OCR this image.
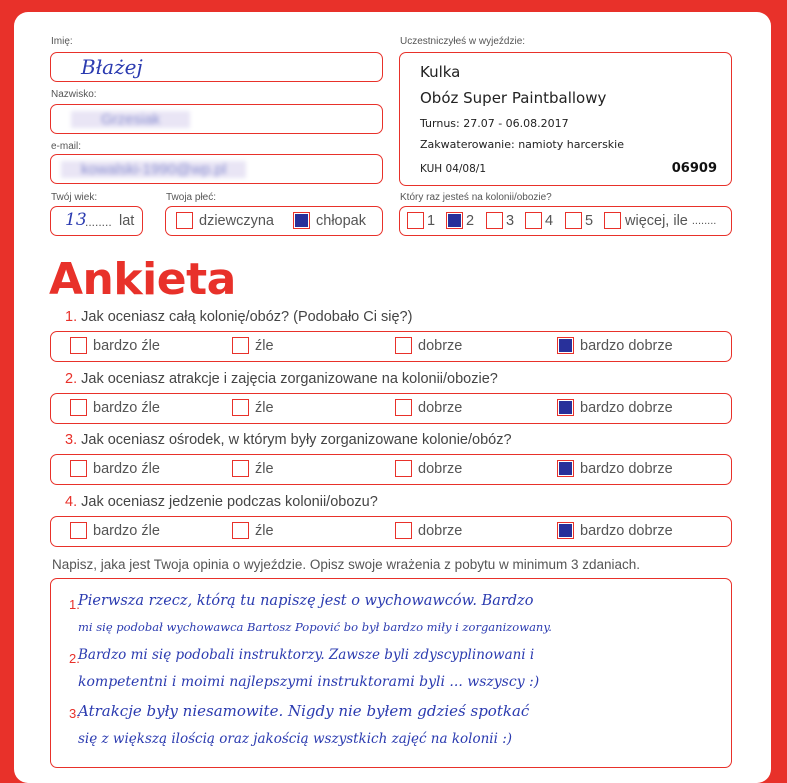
Imię:
Błażej
Nazwisko:
Grzesiak
e-mail:
kowalski-1990@wp.pl
Twój wiek:
13
........ lat
Twoja płeć:
dziewczyna	chłopak
Uczestniczyłeś w wyjeździe:
Kulka
Obóz Super Paintballowy
Turnus: 27.07 - 06.08.2017
Zakwaterowanie: namioty harcerskie
KUH 04/08/1	06909
Który raz jesteś na kolonii/obozie?
1 2 3 4 5 więcej, ile ........
Ankieta
1. Jak oceniasz całą kolonię/obóz? (Podobało Ci się?)
bardzo źle	źle	dobrze	bardzo dobrze
2. Jak oceniasz atrakcje i zajęcia zorganizowane na kolonii/obozie?
bardzo źle	źle	dobrze	bardzo dobrze
3. Jak oceniasz ośrodek, w którym były zorganizowane kolonie/obóz?
bardzo źle	źle	dobrze	bardzo dobrze
4. Jak oceniasz jedzenie podczas kolonii/obozu?
bardzo źle	źle	dobrze	bardzo dobrze
Napisz, jaka jest Twoja opinia o wyjeździe. Opisz swoje wrażenia z pobytu w minimum 3 zdaniach.
1.
2.
3.
Pierwsza rzecz, którą tu napiszę jest o wychowawców. Bardzo
mi się podobał wychowawca Bartosz Popović bo był bardzo miły i zorganizowany.
Bardzo mi się podobali instruktorzy. Zawsze byli zdyscyplinowani i
kompetentni i moimi najlepszymi instruktorami byli ... wszyscy :)
Atrakcje były niesamowite. Nigdy nie byłem gdzieś spotkać
się z większą ilością oraz jakością wszystkich zajęć na kolonii :)
